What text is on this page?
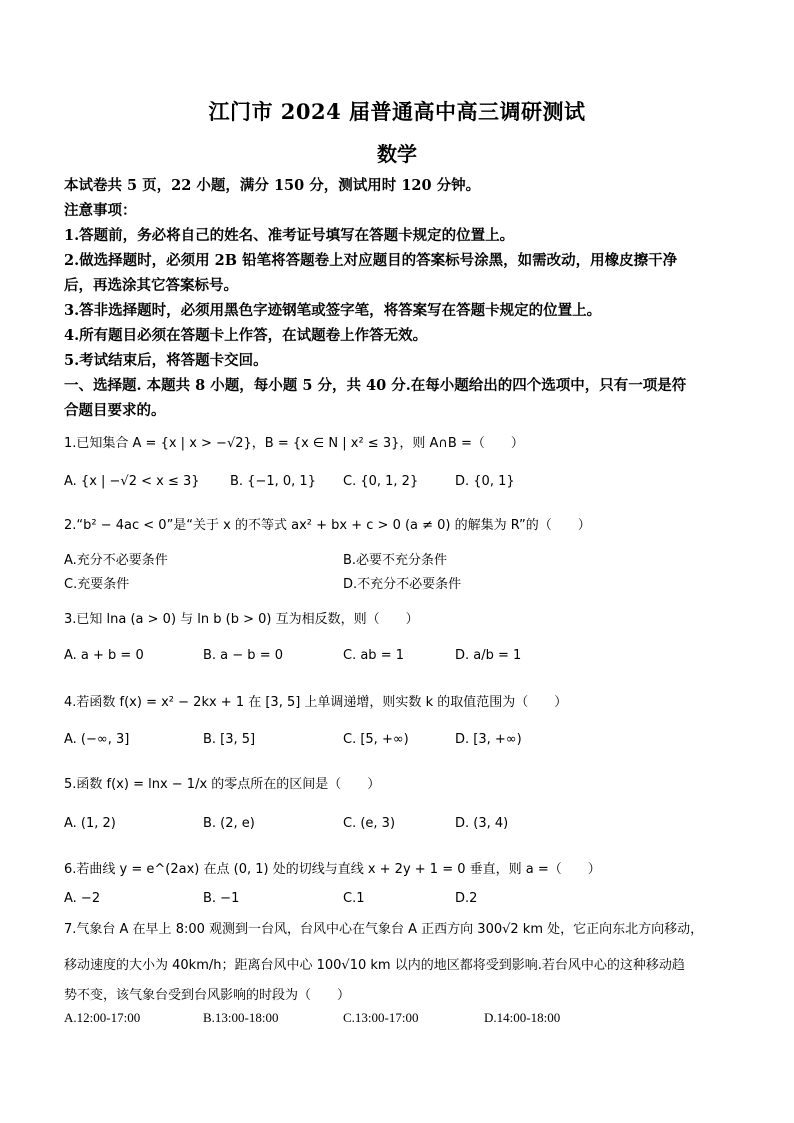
江门市 2024 届普通高中高三调研测试
数学
本试卷共 5 页，22 小题，满分 150 分，测试用时 120 分钟。
注意事项：
1.答题前，务必将自己的姓名、准考证号填写在答题卡规定的位置上。
2.做选择题时，必须用 2B 铅笔将答题卷上对应题目的答案标号涂黑，如需改动，用橡皮擦干净
后，再选涂其它答案标号。
3.答非选择题时，必须用黑色字迹钢笔或签字笔，将答案写在答题卡规定的位置上。
4.所有题目必须在答题卡上作答，在试题卷上作答无效。
5.考试结束后，将答题卡交回。
一、选择题. 本题共 8 小题，每小题 5 分，共 40 分.在每小题给出的四个选项中，只有一项是符
合题目要求的。
1.已知集合 A = {x | x > −√2}，B = {x ∈ N | x² ≤ 3}，则 A∩B =（　　）
A. {x | −√2 < x ≤ 3} B. {−1, 0, 1} C. {0, 1, 2}	D. {0, 1}
2.“b² − 4ac < 0”是“关于 x 的不等式 ax² + bx + c > 0 (a ≠ 0) 的解集为 R”的（　　）
A.充分不必要条件	B.必要不充分条件
C.充要条件	D.不充分不必要条件
3.已知 lna (a > 0) 与 ln b (b > 0) 互为相反数，则（　　）
A. a + b = 0	B. a − b = 0	C. ab = 1	D. a/b = 1
4.若函数 f(x) = x² − 2kx + 1 在 [3, 5] 上单调递增，则实数 k 的取值范围为（　　）
A. (−∞, 3]	B. [3, 5]	C. [5, +∞)	D. [3, +∞)
5.函数 f(x) = lnx − 1/x 的零点所在的区间是（　　）
A. (1, 2)	B. (2, e)	C. (e, 3)	D. (3, 4)
6.若曲线 y = e^(2ax) 在点 (0, 1) 处的切线与直线 x + 2y + 1 = 0 垂直，则 a =（　　）
A. −2	B. −1	C.1	D.2
7.气象台 A 在早上 8:00 观测到一台风，台风中心在气象台 A 正西方向 300√2 km 处，它正向东北方向移动，
移动速度的大小为 40km/h；距离台风中心 100√10 km 以内的地区都将受到影响.若台风中心的这种移动趋
势不变，该气象台受到台风影响的时段为（　　）
A.12:00-17:00	B.13:00-18:00	C.13:00-17:00	D.14:00-18:00
